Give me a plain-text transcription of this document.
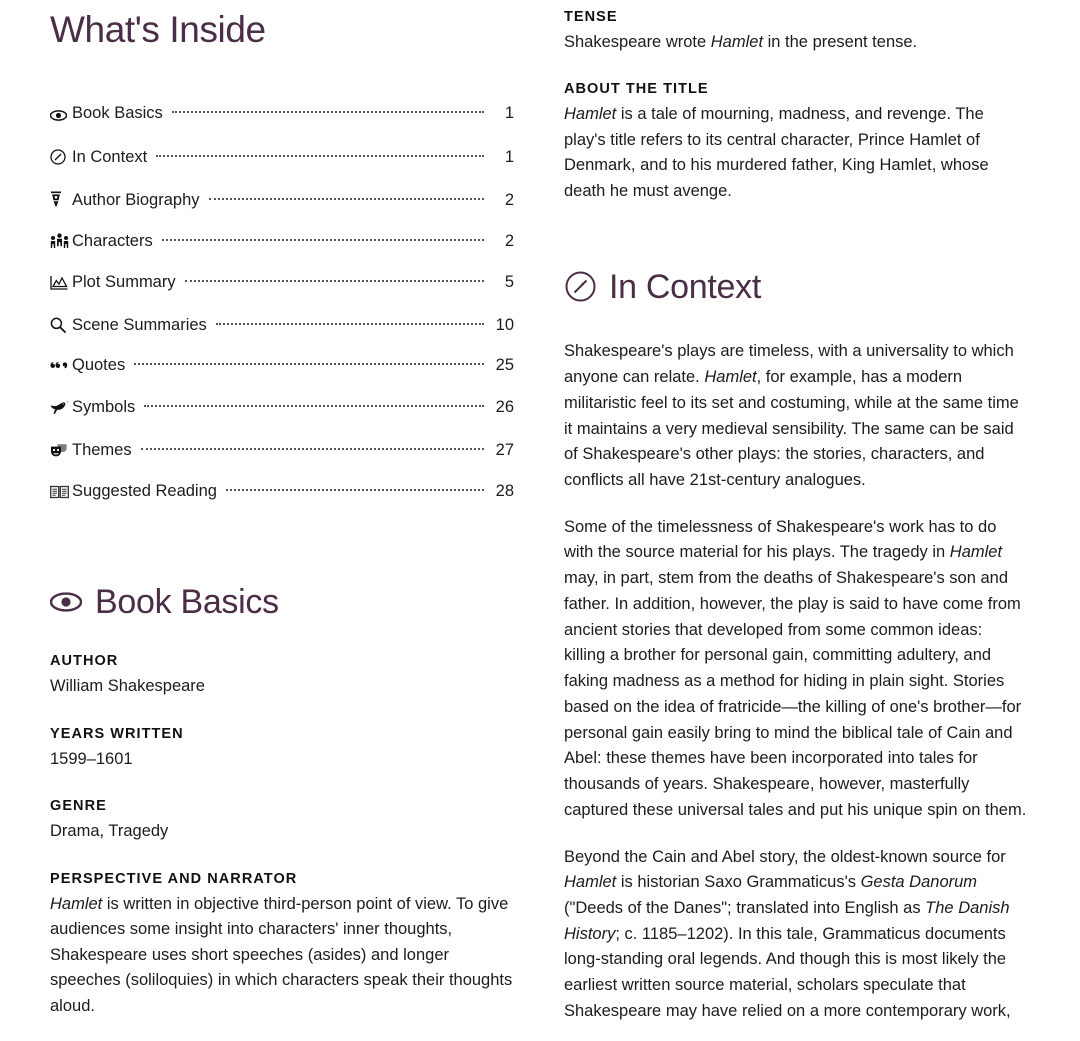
What's Inside
Book Basics	1
In Context	1
Author Biography	2
Characters	2
Plot Summary	5
Scene Summaries	10
Quotes	25
Symbols	26
Themes	27
Suggested Reading	28
Book Basics
AUTHOR

William Shakespeare

YEARS WRITTEN

1599–1601

GENRE

Drama, Tragedy

PERSPECTIVE AND NARRATOR

Hamlet is written in objective third-person point of view. To give audiences some insight into characters' inner thoughts, Shakespeare uses short speeches (asides) and longer speeches (soliloquies) in which characters speak their thoughts aloud.

TENSE

Shakespeare wrote Hamlet in the present tense.

ABOUT THE TITLE

Hamlet is a tale of mourning, madness, and revenge. The play's title refers to its central character, Prince Hamlet of Denmark, and to his murdered father, King Hamlet, whose death he must avenge.

In Context

Shakespeare's plays are timeless, with a universality to which anyone can relate. Hamlet, for example, has a modern militaristic feel to its set and costuming, while at the same time it maintains a very medieval sensibility. The same can be said of Shakespeare's other plays: the stories, characters, and conflicts all have 21st-century analogues.

Some of the timelessness of Shakespeare's work has to do with the source material for his plays. The tragedy in Hamlet may, in part, stem from the deaths of Shakespeare's son and father. In addition, however, the play is said to have come from ancient stories that developed from some common ideas: killing a brother for personal gain, committing adultery, and faking madness as a method for hiding in plain sight. Stories based on the idea of fratricide—the killing of one's brother—for personal gain easily bring to mind the biblical tale of Cain and Abel: these themes have been incorporated into tales for thousands of years. Shakespeare, however, masterfully captured these universal tales and put his unique spin on them.

Beyond the Cain and Abel story, the oldest-known source for Hamlet is historian Saxo Grammaticus's Gesta Danorum ("Deeds of the Danes"; translated into English as The Danish History; c. 1185–1202). In this tale, Grammaticus documents long-standing oral legends. And though this is most likely the earliest written source material, scholars speculate that Shakespeare may have relied on a more contemporary work,
